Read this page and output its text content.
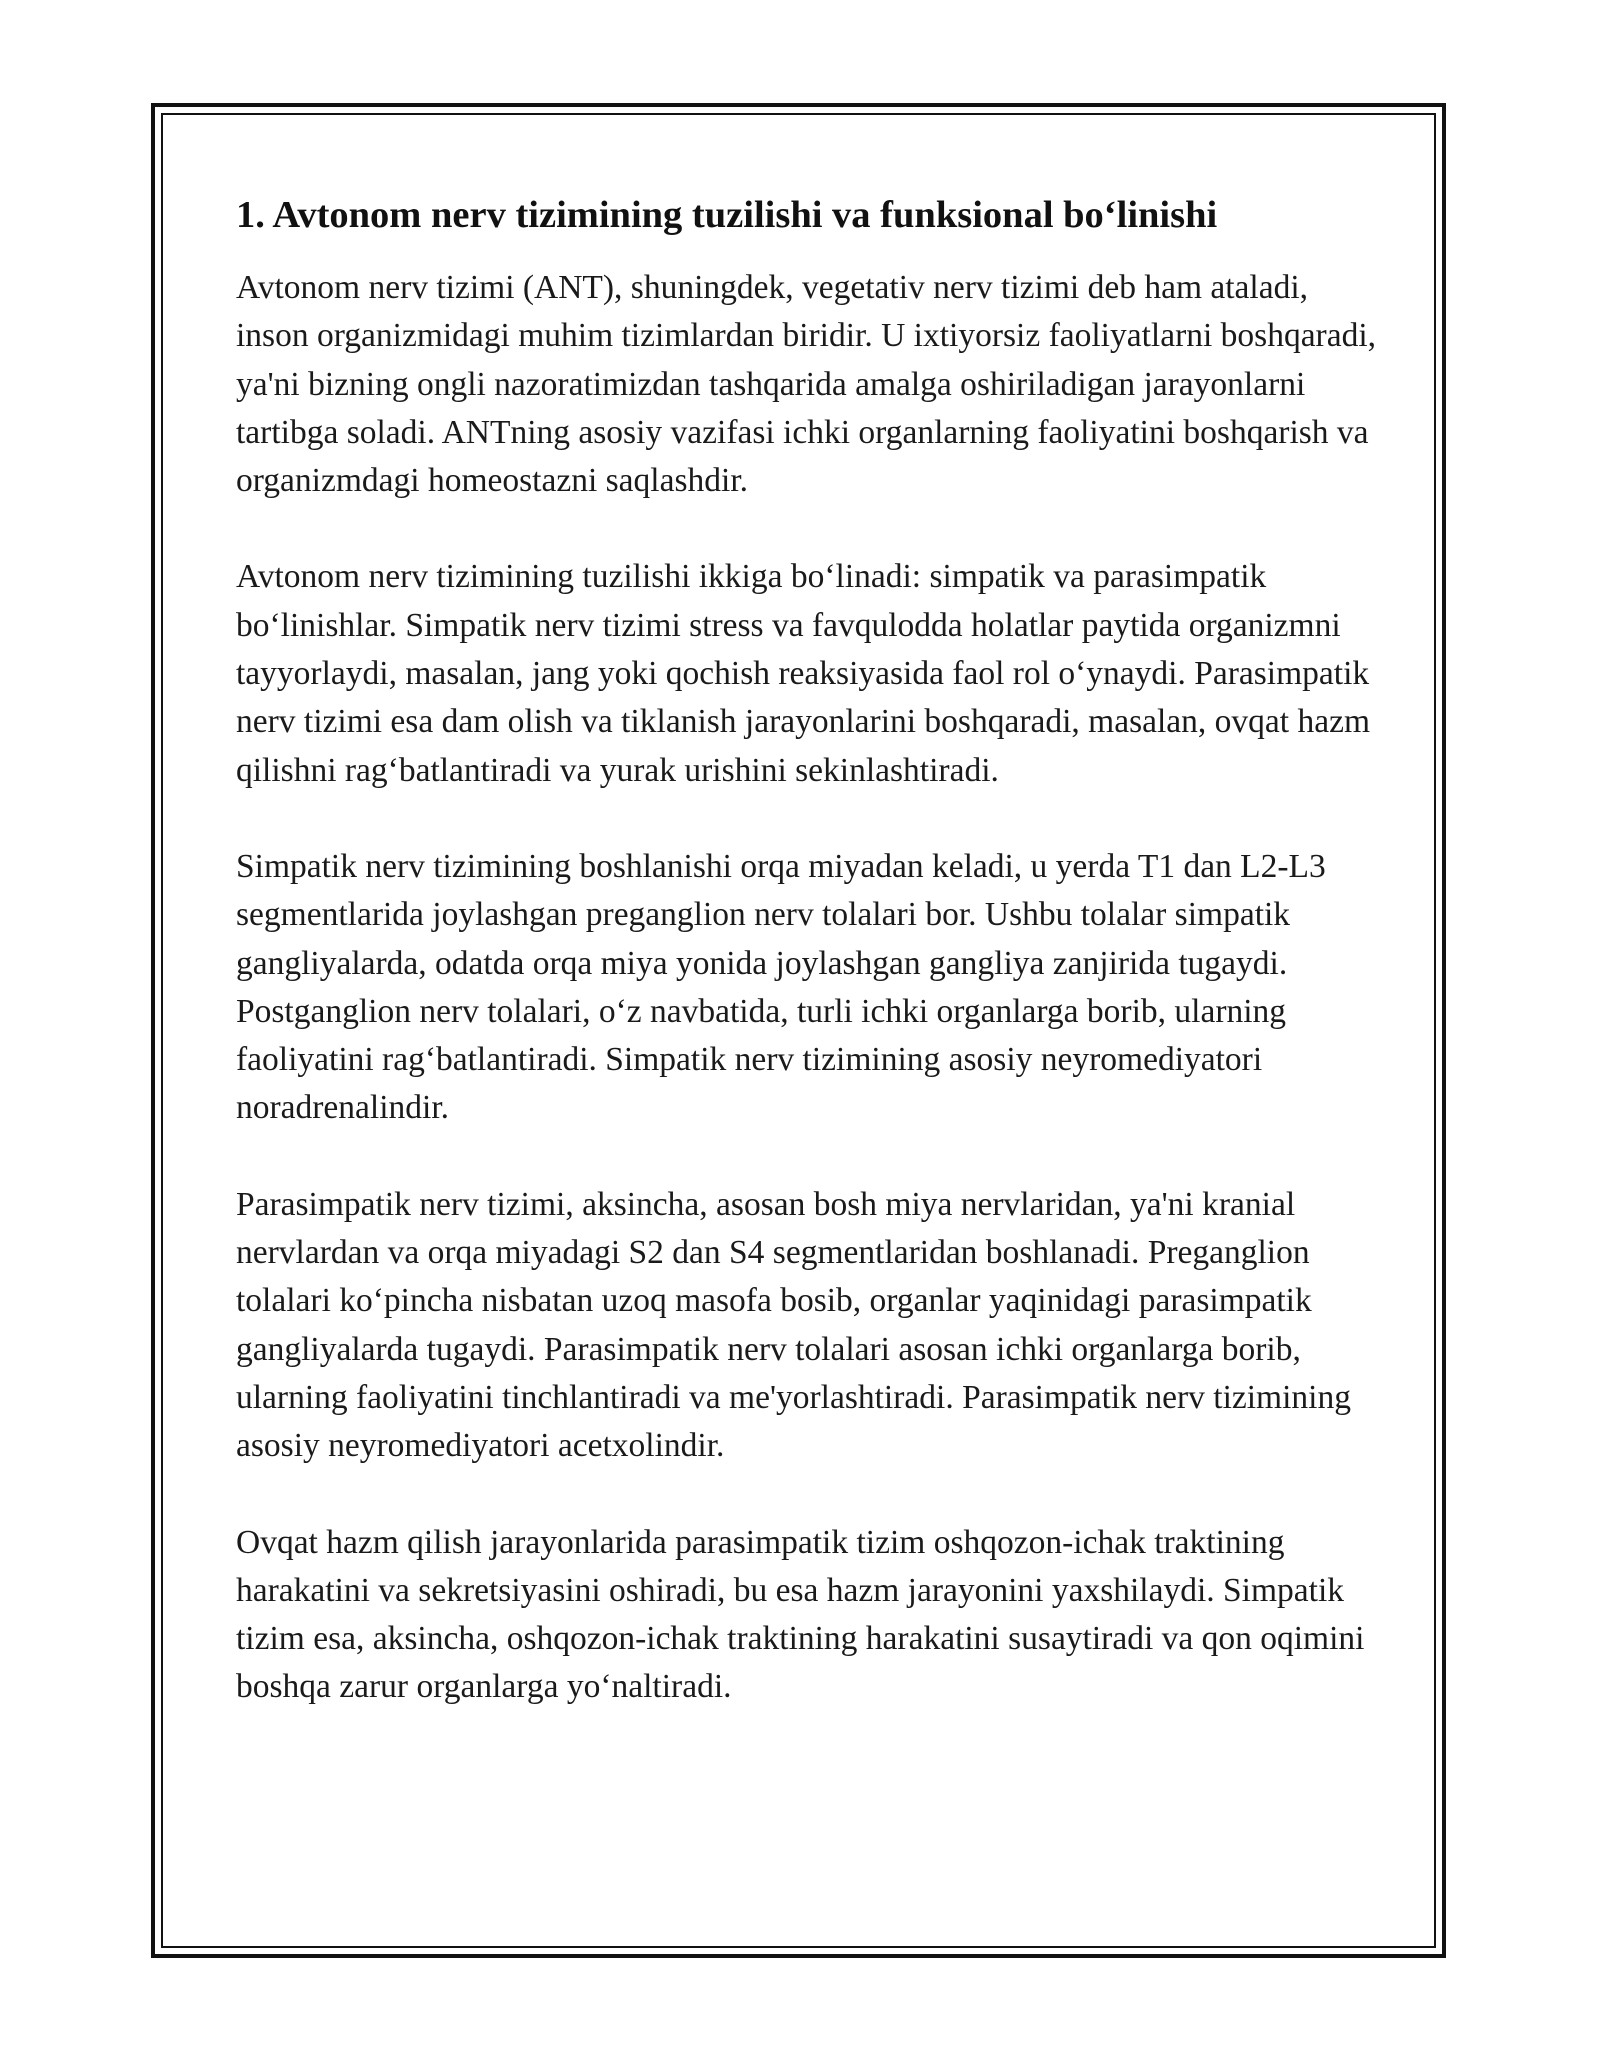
1. Avtonom nerv tizimining tuzilishi va funksional bo‘linishi

Avtonom nerv tizimi (ANT), shuningdek, vegetativ nerv tizimi deb ham ataladi, inson organizmidagi muhim tizimlardan biridir. U ixtiyorsiz faoliyatlarni boshqaradi, ya'ni bizning ongli nazoratimizdan tashqarida amalga oshiriladigan jarayonlarni tartibga soladi. ANTning asosiy vazifasi ichki organlarning faoliyatini boshqarish va organizmdagi homeostazni saqlashdir.

Avtonom nerv tizimining tuzilishi ikkiga bo‘linadi: simpatik va parasimpatik bo‘linishlar. Simpatik nerv tizimi stress va favqulodda holatlar paytida organizmni tayyorlaydi, masalan, jang yoki qochish reaksiyasida faol rol o‘ynaydi. Parasimpatik nerv tizimi esa dam olish va tiklanish jarayonlarini boshqaradi, masalan, ovqat hazm qilishni rag‘batlantiradi va yurak urishini sekinlashtiradi.

Simpatik nerv tizimining boshlanishi orqa miyadan keladi, u yerda T1 dan L2-L3 segmentlarida joylashgan preganglion nerv tolalari bor. Ushbu tolalar simpatik gangliyalarda, odatda orqa miya yonida joylashgan gangliya zanjirida tugaydi. Postganglion nerv tolalari, o‘z navbatida, turli ichki organlarga borib, ularning faoliyatini rag‘batlantiradi. Simpatik nerv tizimining asosiy neyromediyatori noradrenalindir.

Parasimpatik nerv tizimi, aksincha, asosan bosh miya nervlaridan, ya'ni kranial nervlardan va orqa miyadagi S2 dan S4 segmentlaridan boshlanadi. Preganglion tolalari ko‘pincha nisbatan uzoq masofa bosib, organlar yaqinidagi parasimpatik gangliyalarda tugaydi. Parasimpatik nerv tolalari asosan ichki organlarga borib, ularning faoliyatini tinchlantiradi va me'yorlashtiradi. Parasimpatik nerv tizimining asosiy neyromediyatori acetxolindir.

Ovqat hazm qilish jarayonlarida parasimpatik tizim oshqozon-ichak traktining harakatini va sekretsiyasini oshiradi, bu esa hazm jarayonini yaxshilaydi. Simpatik tizim esa, aksincha, oshqozon-ichak traktining harakatini susaytiradi va qon oqimini boshqa zarur organlarga yo‘naltiradi.
